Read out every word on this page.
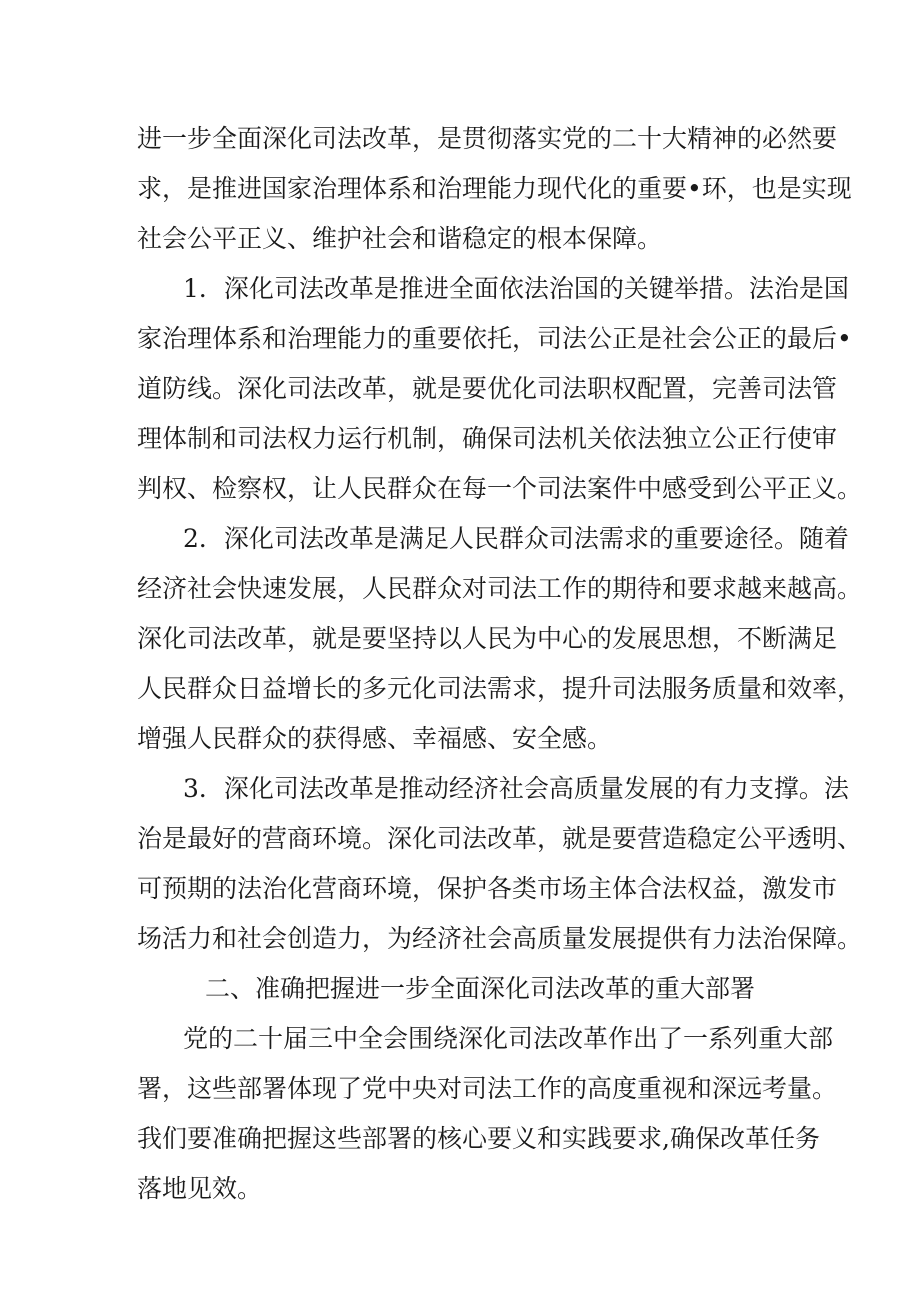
进一步全面深化司法改革，是贯彻落实党的二十大精神的必然要
求，是推进国家治理体系和治理能力现代化的重要•环，也是实现
社会公平正义、维护社会和谐稳定的根本保障。
1．深化司法改革是推进全面依法治国的关键举措。法治是国
家治理体系和治理能力的重要依托，司法公正是社会公正的最后•
道防线。深化司法改革，就是要优化司法职权配置，完善司法管
理体制和司法权力运行机制，确保司法机关依法独立公正行使审
判权、检察权，让人民群众在每一个司法案件中感受到公平正义。
2．深化司法改革是满足人民群众司法需求的重要途径。随着
经济社会快速发展，人民群众对司法工作的期待和要求越来越高。
深化司法改革，就是要坚持以人民为中心的发展思想，不断满足
人民群众日益增长的多元化司法需求，提升司法服务质量和效率，
增强人民群众的获得感、幸福感、安全感。
3．深化司法改革是推动经济社会高质量发展的有力支撑。法
治是最好的营商环境。深化司法改革，就是要营造稳定公平透明、
可预期的法治化营商环境，保护各类市场主体合法权益，激发市
场活力和社会创造力，为经济社会高质量发展提供有力法治保障。
二、准确把握进一步全面深化司法改革的重大部署
党的二十届三中全会围绕深化司法改革作出了一系列重大部
署，这些部署体现了党中央对司法工作的高度重视和深远考量。
我们要准确把握这些部署的核心要义和实践要求,确保改革任务
落地见效。
